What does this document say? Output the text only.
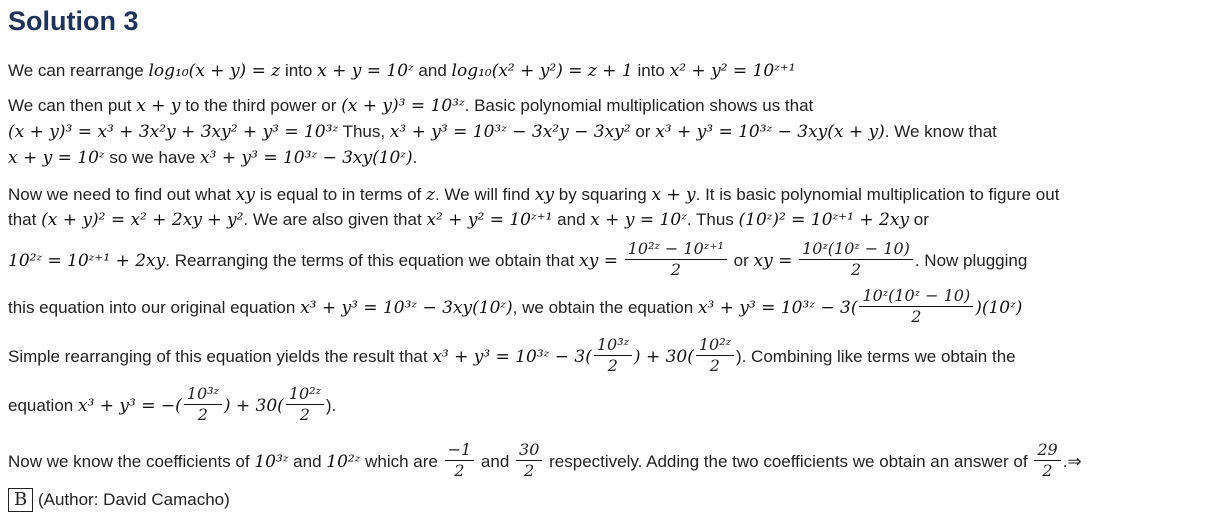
Solution 3
We can rearrange log₁₀(x + y) = z into x + y = 10ᶻ and log₁₀(x² + y²) = z + 1 into x² + y² = 10ᶻ⁺¹
We can then put x + y to the third power or (x + y)³ = 10³ᶻ. Basic polynomial multiplication shows us that
(x + y)³ = x³ + 3x²y + 3xy² + y³ = 10³ᶻ Thus, x³ + y³ = 10³ᶻ − 3x²y − 3xy² or x³ + y³ = 10³ᶻ − 3xy(x + y). We know that
x + y = 10ᶻ so we have x³ + y³ = 10³ᶻ − 3xy(10ᶻ).
Now we need to find out what xy is equal to in terms of z. We will find xy by squaring x + y. It is basic polynomial multiplication to figure out
that (x + y)² = x² + 2xy + y². We are also given that x² + y² = 10ᶻ⁺¹ and x + y = 10ᶻ. Thus (10ᶻ)² = 10ᶻ⁺¹ + 2xy or
10²ᶻ = 10ᶻ⁺¹ + 2xy. Rearranging the terms of this equation we obtain that xy = $\frac{\text{10²ᶻ − 10ᶻ⁺¹}}{2}$ or xy = $\frac{\text{10ᶻ(10ᶻ − 10)}}{2}$ . Now plugging
this equation into our original equation x³ + y³ = 10³ᶻ − 3xy(10ᶻ), we obtain the equation x³ + y³ = 10³ᶻ − $3( \frac{\text{10ᶻ(10ᶻ − 10)}}{2}$ )(10ᶻ)
Simple rearranging of this equation yields the result that x³ + y³ = 10³ᶻ − $3( \frac{\text{10³ᶻ}}{2}$ ) + $30( \frac{\text{10²ᶻ}}{2}$ ). Combining like terms we obtain the
equation x³ + y³ = −( $\frac{\text{10³ᶻ}}{2}$ ) + $30( \frac{\text{10²ᶻ}}{2}$ ).
Now we know the coefficients of 10³ᶻ and 10²ᶻ which are $\frac{-1}{2}$ and $\frac{30}{2}$ respectively. Adding the two coefficients we obtain an answer of $\frac{29}{2}$ .⇒
B (Author: David Camacho)
